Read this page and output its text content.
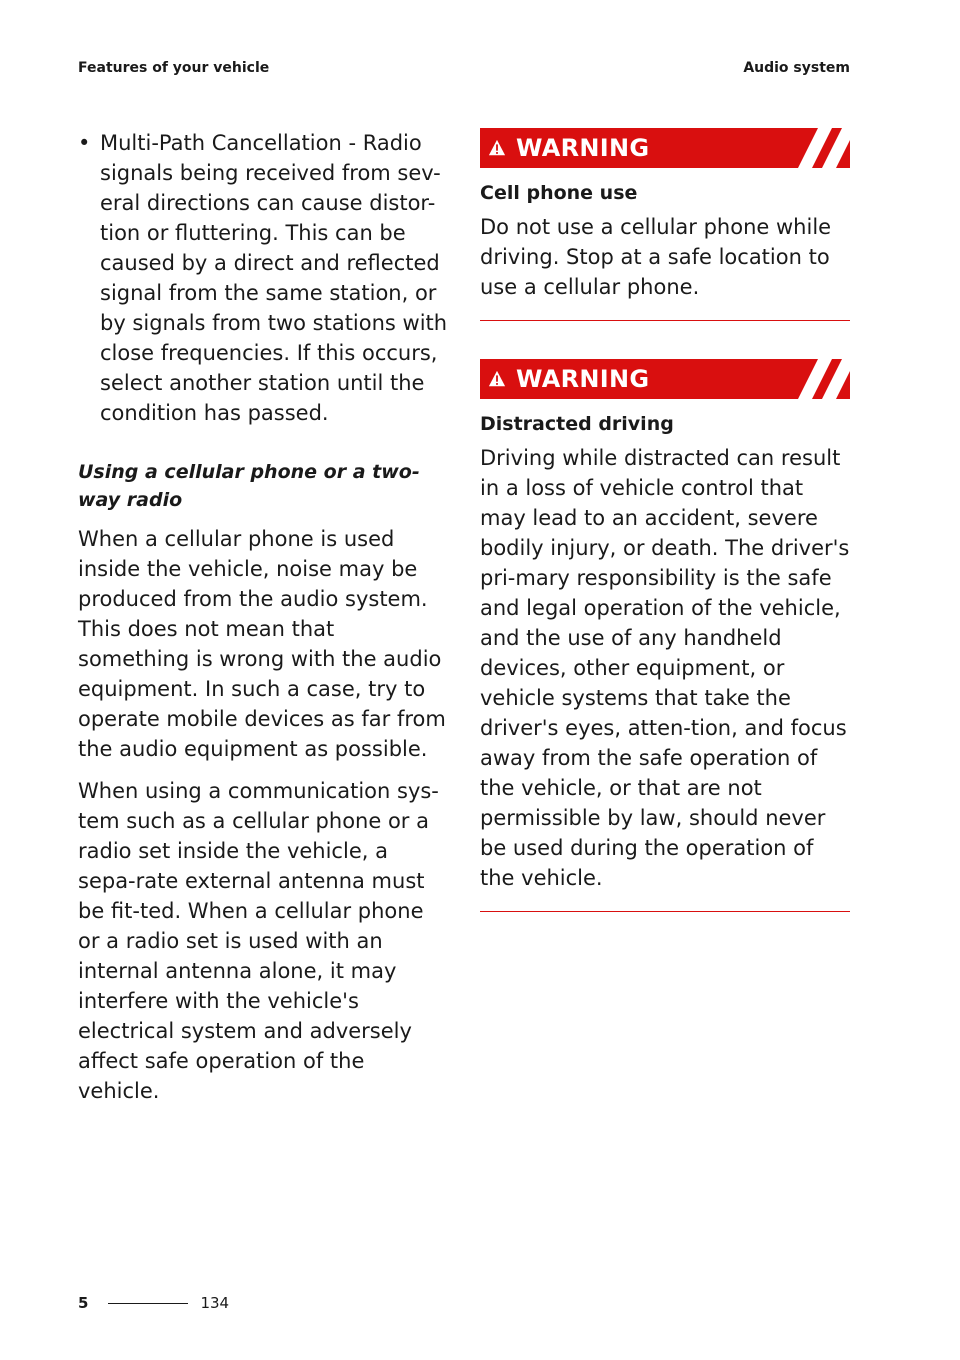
Features of your vehicle	Audio system
• Multi-Path Cancellation - Radio signals being received from sev-eral directions can cause distor-tion or fluttering. This can be caused by a direct and reflected signal from the same station, or by signals from two stations with close frequencies. If this occurs, select another station until the condition has passed.
Using a cellular phone or a two-way radio

When a cellular phone is used inside the vehicle, noise may be produced from the audio system. This does not mean that something is wrong with the audio equipment. In such a case, try to operate mobile devices as far from the audio equipment as possible.

When using a communication sys-tem such as a cellular phone or a radio set inside the vehicle, a sepa-rate external antenna must be fit-ted. When a cellular phone or a radio set is used with an internal antenna alone, it may interfere with the vehicle's electrical system and adversely affect safe operation of the vehicle.

WARNING
Cell phone use
Do not use a cellular phone while driving. Stop at a safe location to use a cellular phone.
WARNING
Distracted driving
Driving while distracted can result in a loss of vehicle control that may lead to an accident, severe bodily injury, or death. The driver's pri-mary responsibility is the safe and legal operation of the vehicle, and the use of any handheld devices, other equipment, or vehicle systems that take the driver's eyes, atten-tion, and focus away from the safe operation of the vehicle, or that are not permissible by law, should never be used during the operation of the vehicle.
5	134
